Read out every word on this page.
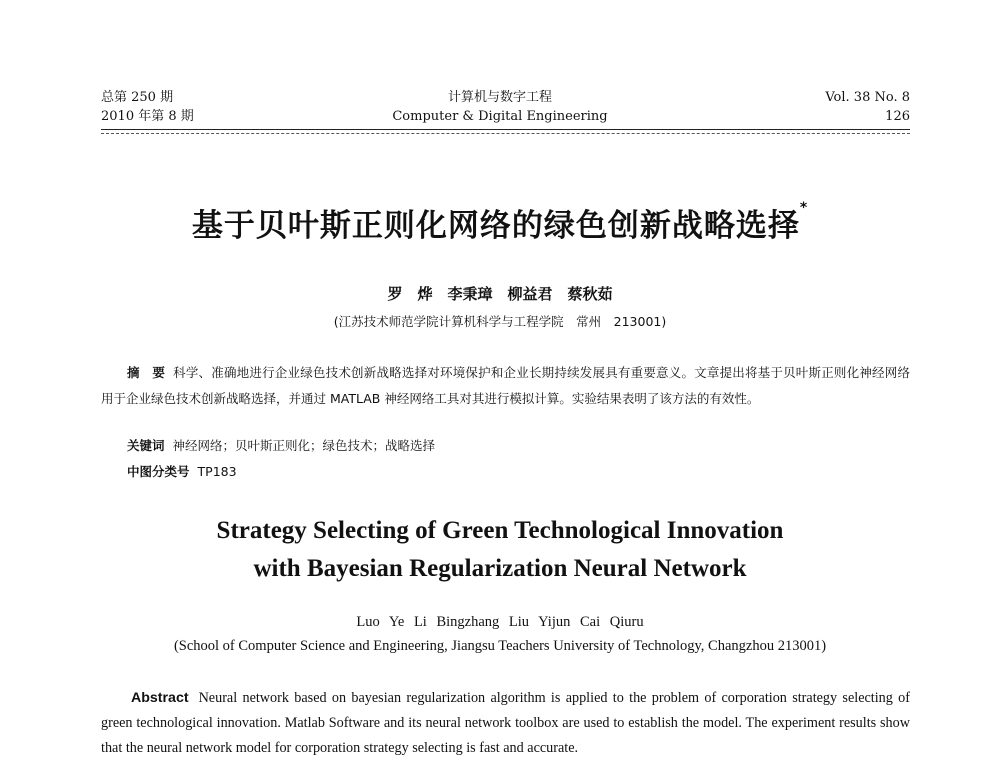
总第 250 期
2010 年第 8 期
计算机与数字工程
Computer & Digital Engineering
Vol. 38 No. 8
126
基于贝叶斯正则化网络的绿色创新战略选择*
罗　烨　李秉璋　柳益君　蔡秋茹
(江苏技术师范学院计算机科学与工程学院　常州　213001)
摘　要 科学、准确地进行企业绿色技术创新战略选择对环境保护和企业长期持续发展具有重要意义。文章提出将基于贝叶斯正则化神经网络用于企业绿色技术创新战略选择，并通过 MATLAB 神经网络工具对其进行模拟计算。实验结果表明了该方法的有效性。
关键词 神经网络；贝叶斯正则化；绿色技术；战略选择
中图分类号 TP183
Strategy Selecting of Green Technological Innovation
with Bayesian Regularization Neural Network
Luo Ye Li Bingzhang Liu Yijun Cai Qiuru
(School of Computer Science and Engineering, Jiangsu Teachers University of Technology, Changzhou 213001)
Abstract Neural network based on bayesian regularization algorithm is applied to the problem of corporation strategy selecting of green technological innovation. Matlab Software and its neural network toolbox are used to establish the model. The experiment results show that the neural network model for corporation strategy selecting is fast and accurate.
